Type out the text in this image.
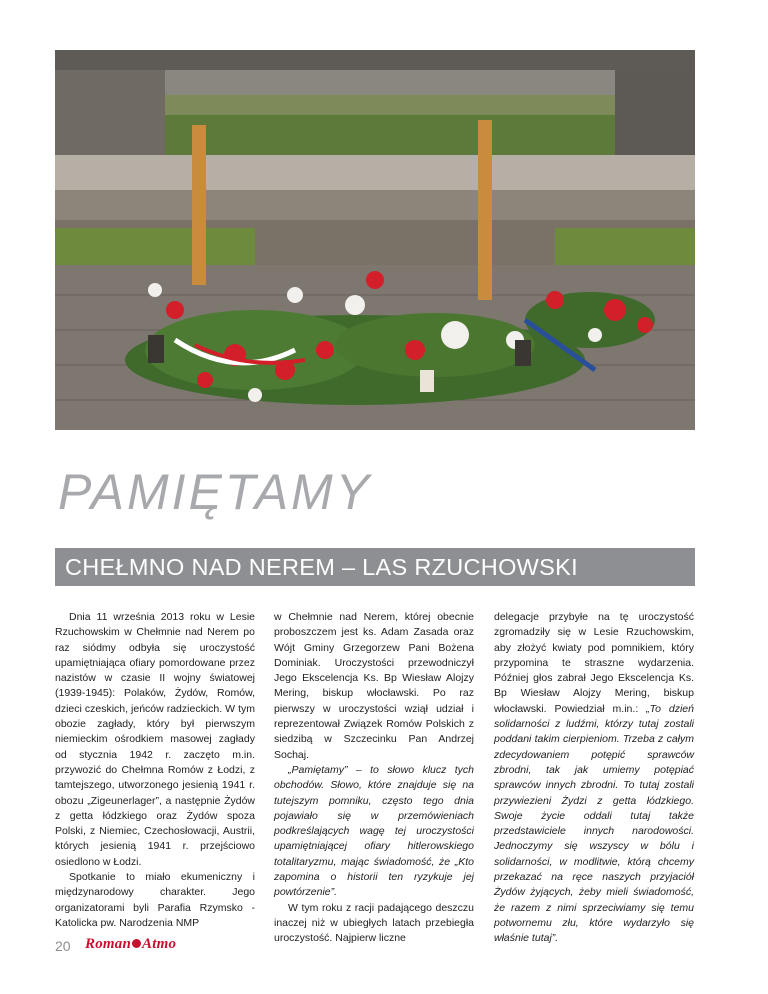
PAMIĘTAMY
CHEŁMNO NAD NEREM – LAS RZUCHOWSKI

Dnia 11 września 2013 roku w Lesie Rzuchowskim w Chełmnie nad Nerem po raz siódmy odbyła się uroczystość upamiętniająca ofiary pomordowane przez nazistów w czasie II wojny światowej (1939-1945): Polaków, Żydów, Romów, dzieci czeskich, jeńców radzieckich. W tym obozie zagłady, który był pierwszym niemieckim ośrodkiem masowej zagłady od stycznia 1942 r. zaczęto m.in. przywozić do Chełmna Romów z Łodzi, z tamtejszego, utworzonego jesienią 1941 r. obozu „Zigeunerlager”, a następnie Żydów z getta łódzkiego oraz Żydów spoza Polski, z Niemiec, Czechosłowacji, Austrii, których jesienią 1941 r. przejściowo osiedlono w Łodzi.

Spotkanie to miało ekumeniczny i międzynarodowy charakter. Jego organizatorami byli Parafia Rzymsko - Katolicka pw. Narodzenia NMP

w Chełmnie nad Nerem, której obecnie proboszczem jest ks. Adam Zasada oraz Wójt Gminy Grzegorzew Pani Bożena Dominiak. Uroczystości przewodniczył Jego Ekscelencja Ks. Bp Wiesław Alojzy Mering, biskup włocławski. Po raz pierwszy w uroczystości wziął udział i reprezentował Związek Romów Polskich z siedzibą w Szczecinku Pan Andrzej Sochaj.

„Pamiętamy” – to słowo klucz tych obchodów. Słowo, które znajduje się na tutejszym pomniku, często tego dnia pojawiało się w przemówieniach podkreślających wagę tej uroczystości upamiętniającej ofiary hitlerowskiego totalitaryzmu, mając świadomość, że „Kto zapomina o historii ten ryzykuje jej powtórzenie”.

W tym roku z racji padającego deszczu inaczej niż w ubiegłych latach przebiegła uroczystość. Najpierw liczne

delegacje przybyłe na tę uroczystość zgromadziły się w Lesie Rzuchowskim, aby złożyć kwiaty pod pomnikiem, który przypomina te straszne wydarzenia. Później głos zabrał Jego Ekscelencja Ks. Bp Wiesław Alojzy Mering, biskup włocławski. Powiedział m.in.: „To dzień solidarności z ludźmi, którzy tutaj zostali poddani takim cierpieniom. Trzeba z całym zdecydowaniem potępić sprawców zbrodni, tak jak umiemy potępiać sprawców innych zbrodni. To tutaj zostali przywiezieni Żydzi z getta łódzkiego. Swoje życie oddali tutaj także przedstawiciele innych narodowości. Jednoczymy się wszyscy w bólu i solidarności, w modlitwie, którą chcemy przekazać na ręce naszych przyjaciół Żydów żyjących, żeby mieli świadomość, że razem z nimi sprzeciwiamy się temu potwornemu złu, które wydarzyło się właśnie tutaj”.

20 Roman Atmo
